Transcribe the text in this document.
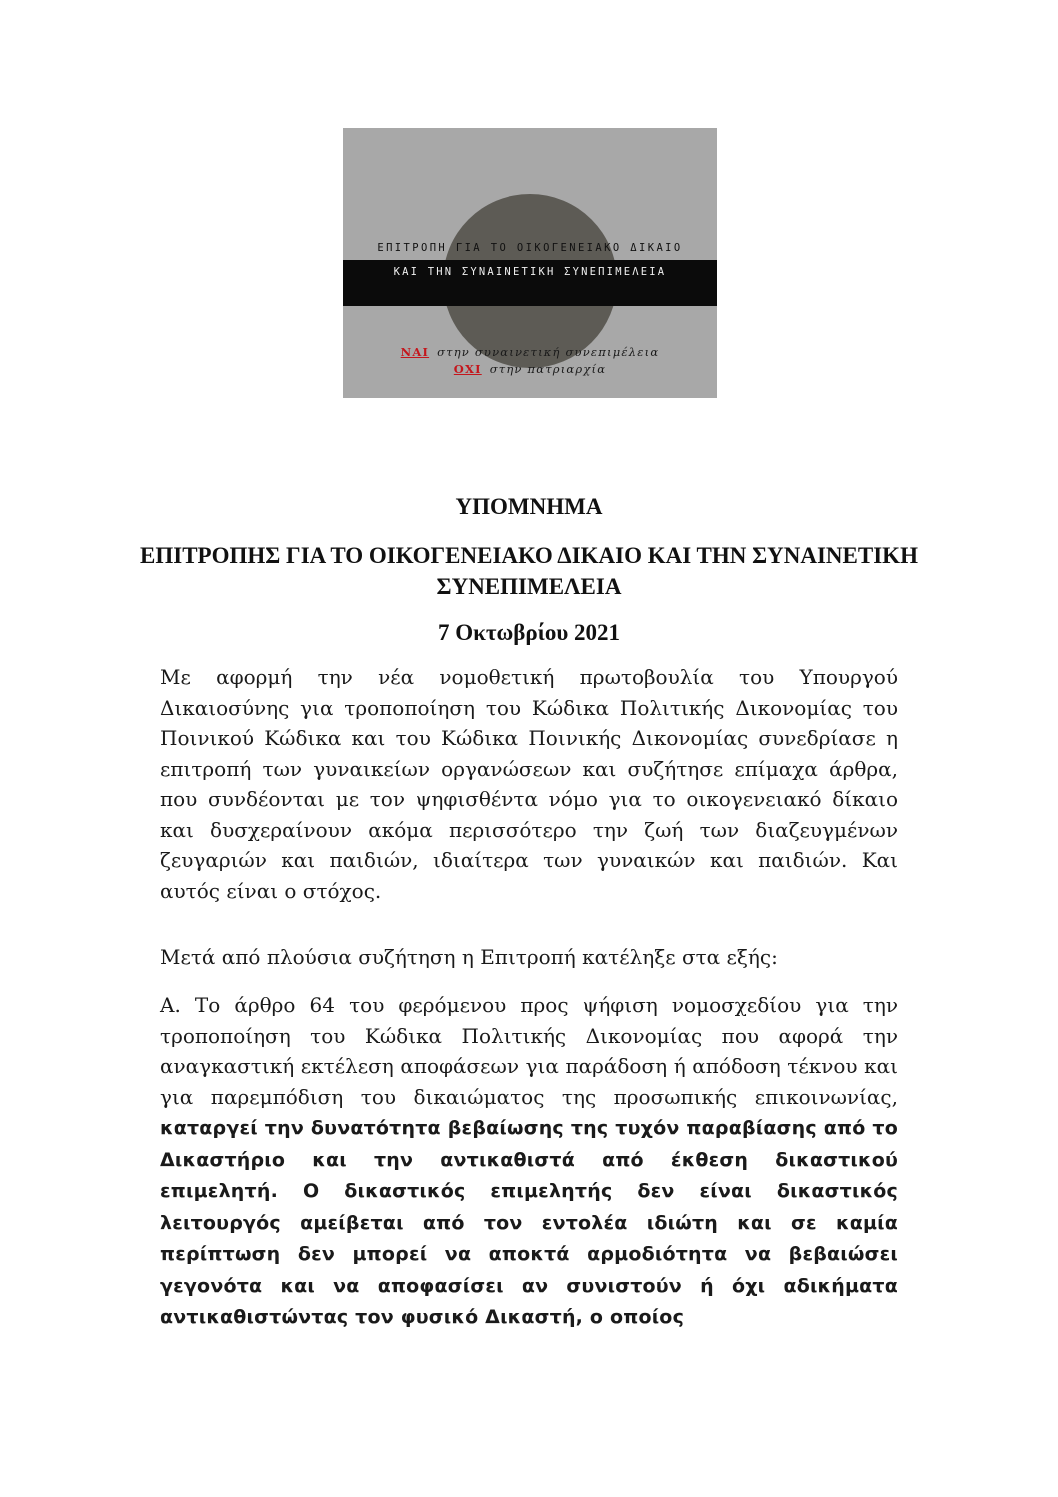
ΕΠΙΤΡΟΠΗ ΓΙΑ ΤΟ ΟΙΚΟΓΕΝΕΙΑΚΟ ΔΙΚΑΙΟ
ΚΑΙ ΤΗΝ ΣΥΝΑΙΝΕΤΙΚΗ ΣΥΝΕΠΙΜΕΛΕΙΑ
ΝΑΙ στην συναινετική συνεπιμέλεια
ΟΧΙ στην πατριαρχία
ΥΠΟΜΝΗΜΑ
ΕΠΙΤΡΟΠΗΣ ΓΙΑ ΤΟ ΟΙΚΟΓΕΝΕΙΑΚΟ ΔΙΚΑΙΟ ΚΑΙ ΤΗΝ ΣΥΝΑΙΝΕΤΙΚΗ ΣΥΝΕΠΙΜΕΛΕΙΑ
7 Οκτωβρίου 2021

Με αφορμή την νέα νομοθετική πρωτοβουλία του Υπουργού Δικαιοσύνης για τροποποίηση του Κώδικα Πολιτικής Δικονομίας του Ποινικού Κώδικα και του Κώδικα Ποινικής Δικονομίας συνεδρίασε η επιτροπή των γυναικείων οργανώσεων και συζήτησε επίμαχα άρθρα, που συνδέονται με τον ψηφισθέντα νόμο για το οικογενειακό δίκαιο και δυσχεραίνουν ακόμα περισσότερο την ζωή των διαζευγμένων ζευγαριών και παιδιών, ιδιαίτερα των γυναικών και παιδιών. Και αυτός είναι ο στόχος.

Μετά από πλούσια συζήτηση η Επιτροπή κατέληξε στα εξής:

Α. Το άρθρο 64 του φερόμενου προς ψήφιση νομοσχεδίου για την τροποποίηση του Κώδικα Πολιτικής Δικονομίας που αφορά την αναγκαστική εκτέλεση αποφάσεων για παράδοση ή απόδοση τέκνου και για παρεμπόδιση του δικαιώματος της προσωπικής επικοινωνίας, καταργεί την δυνατότητα βεβαίωσης της τυχόν παραβίασης από το Δικαστήριο και την αντικαθιστά από έκθεση δικαστικού επιμελητή. Ο δικαστικός επιμελητής δεν είναι δικαστικός λειτουργός αμείβεται από τον εντολέα ιδιώτη και σε καμία περίπτωση δεν μπορεί να αποκτά αρμοδιότητα να βεβαιώσει γεγονότα και να αποφασίσει αν συνιστούν ή όχι αδικήματα αντικαθιστώντας τον φυσικό Δικαστή, ο οποίος
